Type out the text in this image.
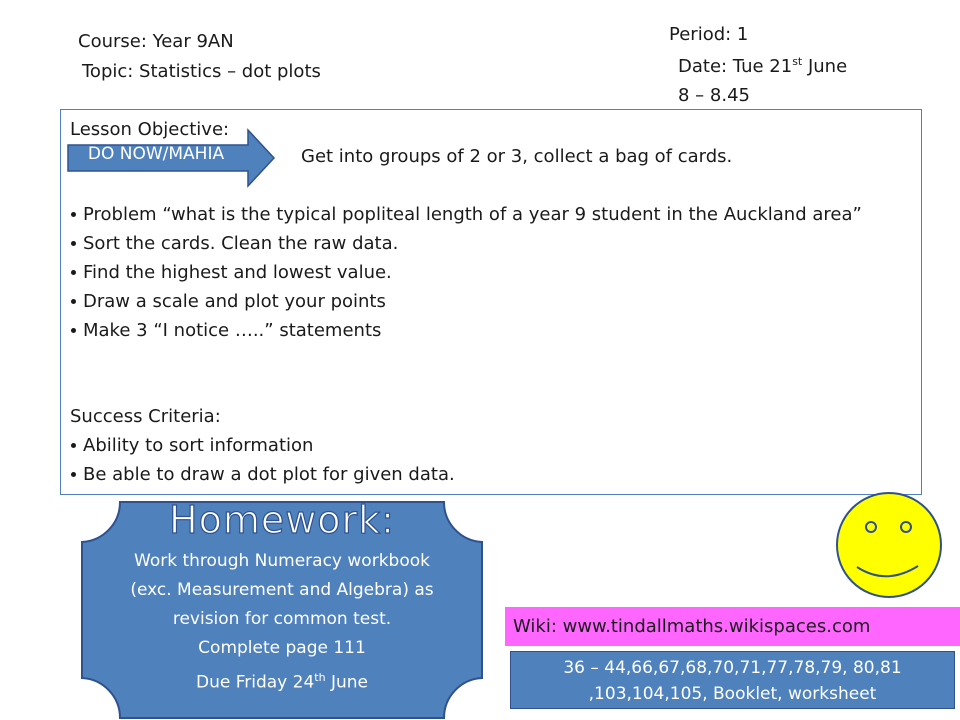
Course: Year 9AN
Topic: Statistics – dot plots
Period: 1
Date: Tue 21st June
8 – 8.45
Lesson Objective:
DO NOW/MAHIA	Get into groups of 2 or 3, collect a bag of cards.
Problem “what is the typical popliteal length of a year 9 student in the Auckland area”
Sort the cards. Clean the raw data.
Find the highest and lowest value.
Draw a scale and plot your points
Make 3 “I notice …..” statements
Success Criteria:
Ability to sort information
Be able to draw a dot plot for given data.
Homework:
Work through Numeracy workbook (exc. Measurement and Algebra) as revision for common test.
Complete page 111
Due Friday 24th June
Wiki: www.tindallmaths.wikispaces.com
36 – 44,66,67,68,70,71,77,78,79, 80,81
,103,104,105, Booklet, worksheet
